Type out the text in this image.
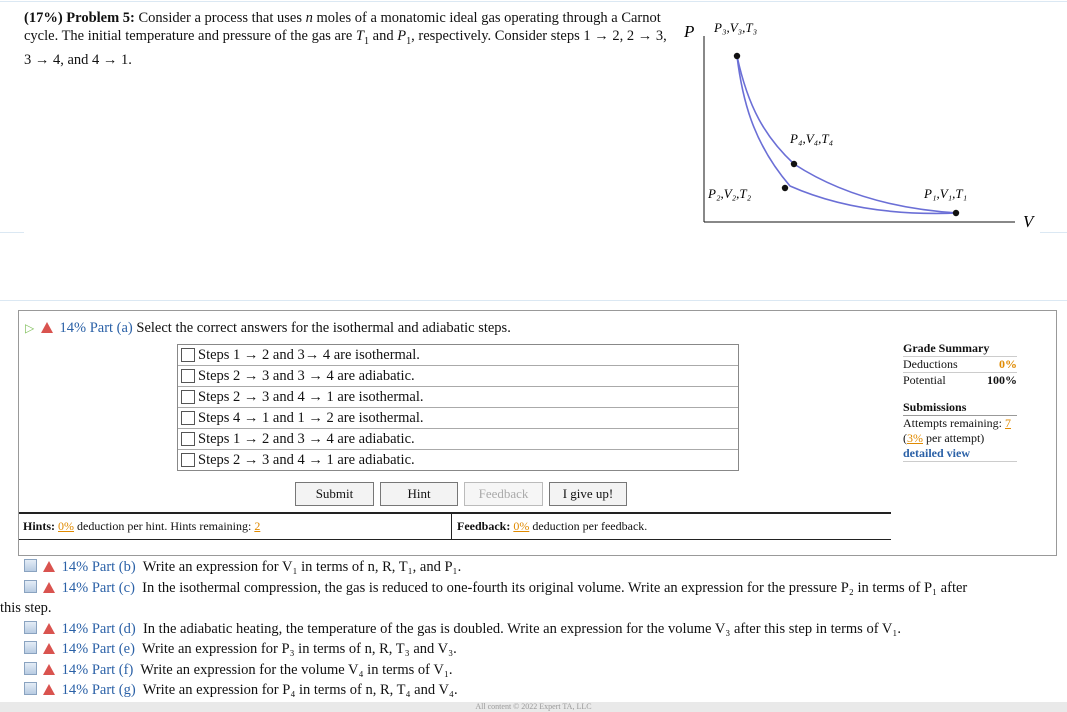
(17%) Problem 5: Consider a process that uses n moles of a monatomic ideal gas operating through a Carnot cycle. The initial temperature and pressure of the gas are $T_1$ and $P_1$, respectively. Consider steps 1 → 2, 2 → 3, 3 → 4, and 4 → 1.
P
V
P₃,V₃,T₃
P₄,V₄,T₄
P₂,V₂,T₂	P₁,V₁,T₁
▷ 14% Part (a) Select the correct answers for the isothermal and adiabatic steps.
Steps 1 → 2 and 3→ 4 are isothermal.
Steps 2 → 3 and 3 → 4 are adiabatic.
Steps 2 → 3 and 4 → 1 are isothermal.
Steps 4 → 1 and 1 → 2 are isothermal.
Steps 1 → 2 and 3 → 4 are adiabatic.
Steps 2 → 3 and 4 → 1 are adiabatic.
Submit	Hint	Feedback	I give up!
Hints: 0% deduction per hint. Hints remaining: 2	Feedback: 0% deduction per feedback.
Grade Summary
Deductions	0%
Potential	100%
Submissions
Attempts remaining: 7
(3% per attempt)
detailed view
14% Part (b) Write an expression for V₁ in terms of n, R, T₁, and P₁.
14% Part (c) In the isothermal compression, the gas is reduced to one-fourth its original volume. Write an expression for the pressure P₂ in terms of P₁ after
this step.
14% Part (d) In the adiabatic heating, the temperature of the gas is doubled. Write an expression for the volume V₃ after this step in terms of V₁.
14% Part (e) Write an expression for P₃ in terms of n, R, T₃ and V₃.
14% Part (f) Write an expression for the volume V₄ in terms of V₁.
14% Part (g) Write an expression for P₄ in terms of n, R, T₄ and V₄.
All content © 2022 Expert TA, LLC
